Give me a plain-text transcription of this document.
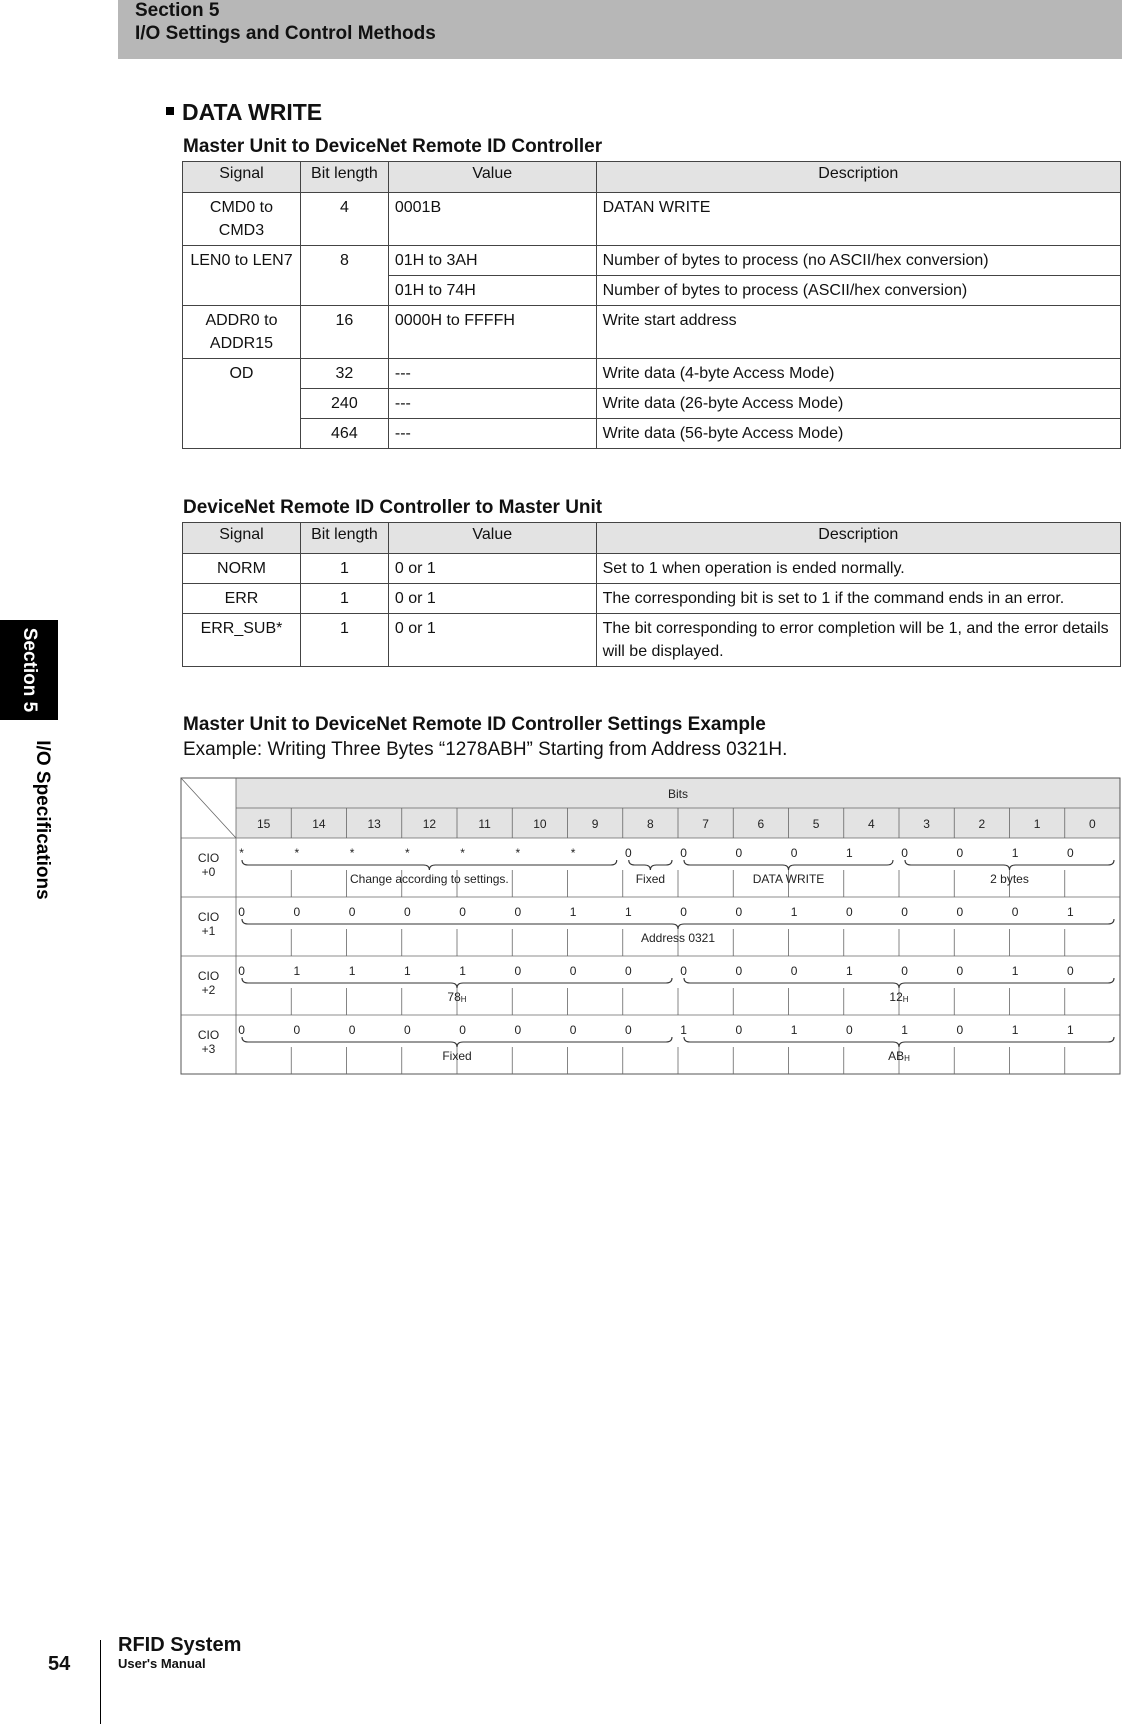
Section 5
I/O Settings and Control Methods
Section 5
I/O Specifications
DATA WRITE
Master Unit to DeviceNet Remote ID Controller
Signal	Bit length	Value	Description
CMD0 to CMD3	4	0001B	DATAN WRITE
LEN0 to LEN7	8	01H to 3AH	Number of bytes to process (no ASCII/hex conversion)
		01H to 74H	Number of bytes to process (ASCII/hex conversion)
ADDR0 to ADDR15	16	0000H to FFFFH	Write start address
OD	32	---	Write data (4-byte Access Mode)
	240	---	Write data (26-byte Access Mode)
	464	---	Write data (56-byte Access Mode)
DeviceNet Remote ID Controller to Master Unit
Signal	Bit length	Value	Description
NORM	1	0 or 1	Set to 1 when operation is ended normally.
ERR	1	0 or 1	The corresponding bit is set to 1 if the command ends in an error.
ERR_SUB*	1	0 or 1	The bit corresponding to error completion will be 1, and the error details will be displayed.
Master Unit to DeviceNet Remote ID Controller Settings Example
Example: Writing Three Bytes “1278ABH” Starting from Address 0321H.
Bits
15	14	13	12	11	10	9	8	7	6	5	4	3	2	1	0
CIO
+0
*	*	*	*	*	*	*	0	0	0	0	1	0	0	1	0
Change according to settings.	Fixed	DATA WRITE	2 bytes
CIO
+1
0	0	0	0	0	0	1	1	0	0	1	0	0	0	0	1
Address 0321
CIO
+2
0	1	1	1	1	0	0	0	0	0	0	1	0	0	1	0
78H	12H
CIO
+3
0	0	0	0	0	0	0	0	1	0	1	0	1	0	1	1
Fixed	ABH
54
RFID System
User's Manual
